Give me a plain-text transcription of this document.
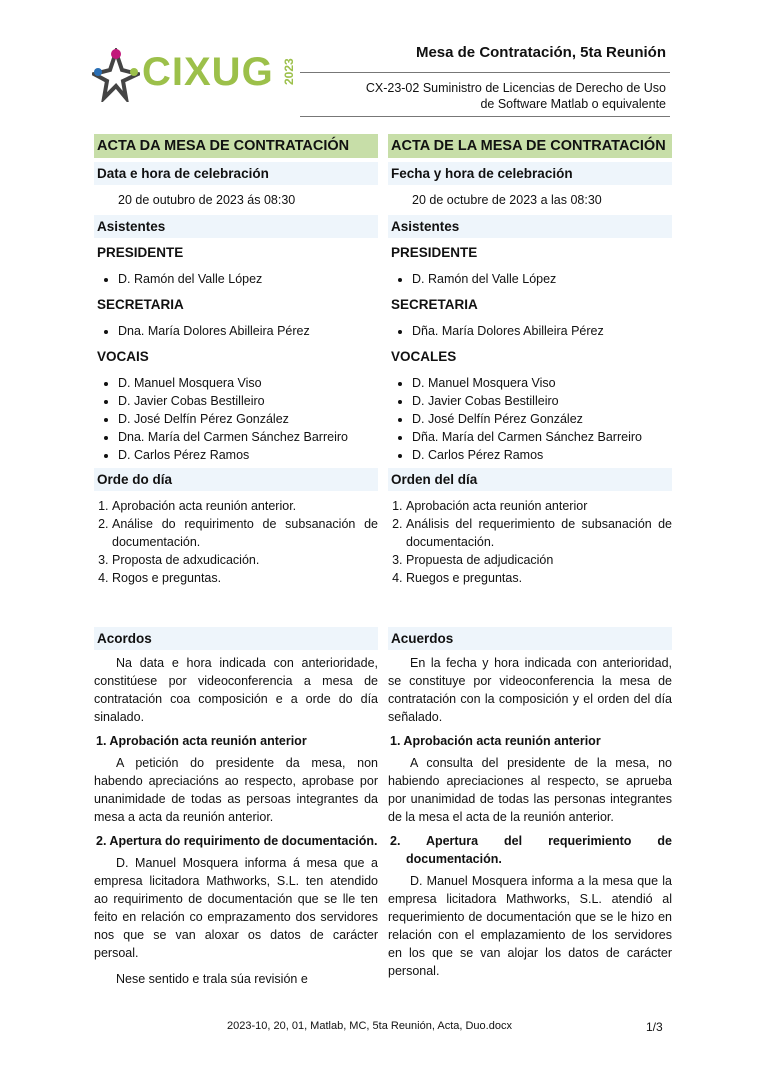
CIXUG 2023
Mesa de Contratación, 5ta Reunión
CX-23-02 Suministro de Licencias de Derecho de Uso
de Software Matlab o equivalente
ACTA DA MESA DE CONTRATACIÓN
Data e hora de celebración
20 de outubro de 2023 ás 08:30
Asistentes
PRESIDENTE
• D. Ramón del Valle López
SECRETARIA
• Dna. María Dolores Abilleira Pérez
VOCAIS
• D. Manuel Mosquera Viso
• D. Javier Cobas Bestilleiro
• D. José Delfín Pérez González
• Dna. María del Carmen Sánchez Barreiro
• D. Carlos Pérez Ramos
Orde do día
1. Aprobación acta reunión anterior.
2. Análise do requirimento de subsanación de documentación.
3. Proposta de adxudicación.
4. Rogos e preguntas.
Acordos
Na data e hora indicada con anterioridade, constitúese por videoconferencia a mesa de contratación coa composición e a orde do día sinalado.
1. Aprobación acta reunión anterior
A petición do presidente da mesa, non habendo apreciacións ao respecto, aprobase por unanimidade de todas as persoas integrantes da mesa a acta da reunión anterior.
2. Apertura do requirimento de documentación.
D. Manuel Mosquera informa á mesa que a empresa licitadora Mathworks, S.L. ten atendido ao requirimento de documentación que se lle ten feito en relación co emprazamento dos servidores nos que se van aloxar os datos de carácter persoal.
Nese sentido e trala súa revisión e
ACTA DE LA MESA DE CONTRATACIÓN
Fecha y hora de celebración
20 de octubre de 2023 a las 08:30
Asistentes
PRESIDENTE
• D. Ramón del Valle López
SECRETARIA
• Dña. María Dolores Abilleira Pérez
VOCALES
• D. Manuel Mosquera Viso
• D. Javier Cobas Bestilleiro
• D. José Delfín Pérez González
• Dña. María del Carmen Sánchez Barreiro
• D. Carlos Pérez Ramos
Orden del día
1. Aprobación acta reunión anterior
2. Análisis del requerimiento de subsanación de documentación.
3. Propuesta de adjudicación
4. Ruegos e preguntas.
Acuerdos
En la fecha y hora indicada con anterioridad, se constituye por videoconferencia la mesa de contratación con la composición y el orden del día señalado.
1. Aprobación acta reunión anterior
A consulta del presidente de la mesa, no habiendo apreciaciones al respecto, se aprueba por unanimidad de todas las personas integrantes de la mesa el acta de la reunión anterior.
2. Apertura del requerimiento de documentación.
D. Manuel Mosquera informa a la mesa que la empresa licitadora Mathworks, S.L. atendió al requerimiento de documentación que se le hizo en relación con el emplazamiento de los servidores en los que se van alojar los datos de carácter personal.
2023-10, 20, 01, Matlab, MC, 5ta Reunión, Acta, Duo.docx	1/3
